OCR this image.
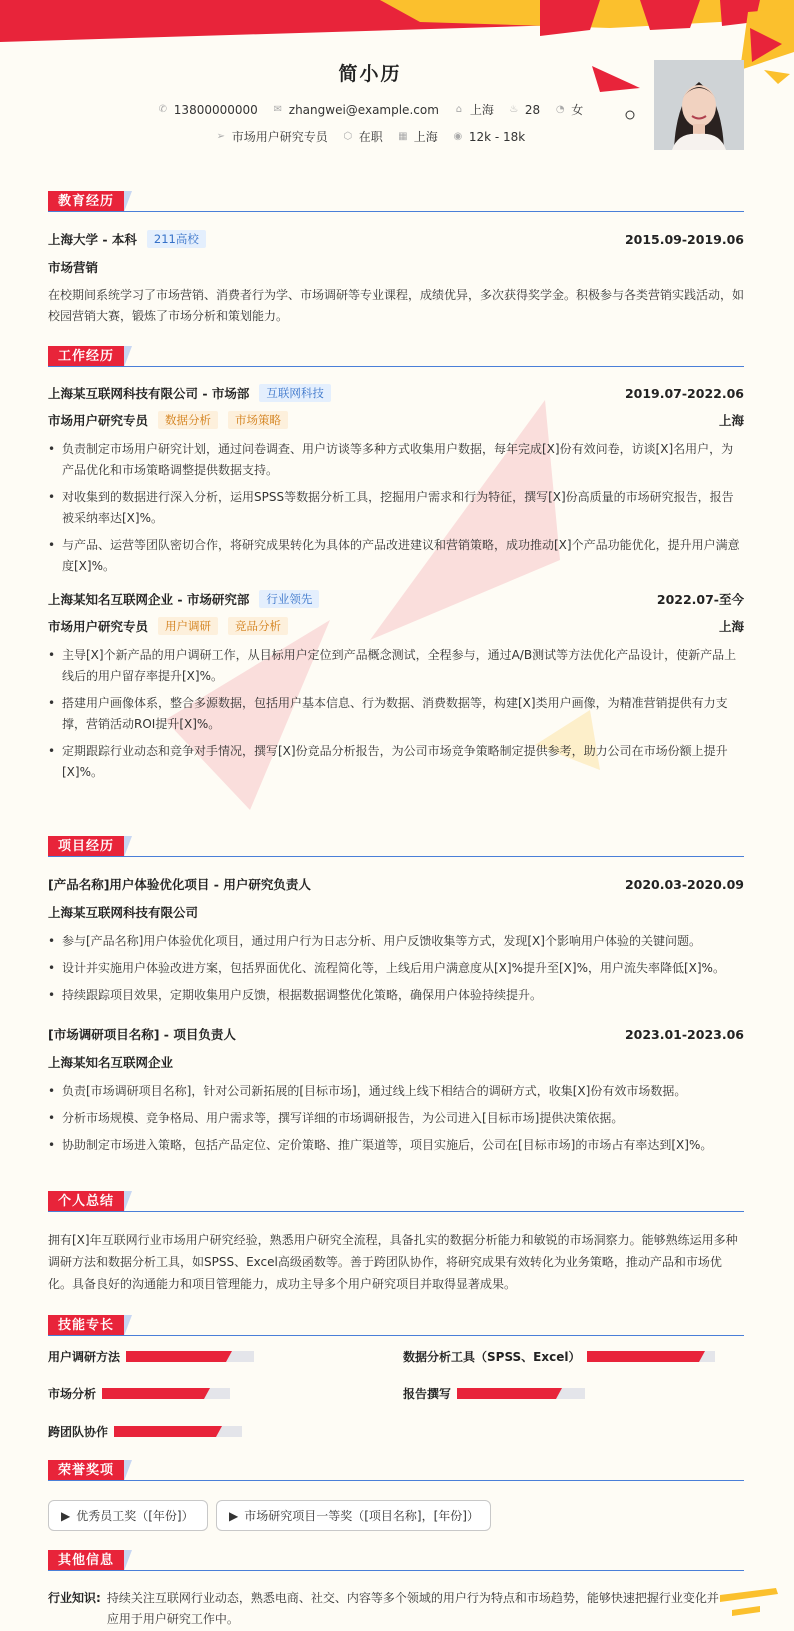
简小历
✆ 13800000000 ✉ zhangwei@example.com ⌂ 上海 ♨ 28 ◔ 女
➢ 市场用户研究专员 ⬡ 在职 ▦ 上海 ◉ 12k - 18k
教育经历
上海大学 - 本科	211高校	2015.09-2019.06
市场营销
在校期间系统学习了市场营销、消费者行为学、市场调研等专业课程，成绩优异，多次获得奖学金。积极参与各类营销实践活动，如校园营销大赛，锻炼了市场分析和策划能力。
工作经历
上海某互联网科技有限公司 - 市场部	互联网科技	2019.07-2022.06
市场用户研究专员	数据分析	市场策略	上海
• 负责制定市场用户研究计划，通过问卷调查、用户访谈等多种方式收集用户数据，每年完成[X]份有效问卷，访谈[X]名用户，为产品优化和市场策略调整提供数据支持。
• 对收集到的数据进行深入分析，运用SPSS等数据分析工具，挖掘用户需求和行为特征，撰写[X]份高质量的市场研究报告，报告被采纳率达[X]%。
• 与产品、运营等团队密切合作，将研究成果转化为具体的产品改进建议和营销策略，成功推动[X]个产品功能优化，提升用户满意度[X]%。
上海某知名互联网企业 - 市场研究部	行业领先	2022.07-至今
市场用户研究专员	用户调研	竞品分析	上海
• 主导[X]个新产品的用户调研工作，从目标用户定位到产品概念测试，全程参与，通过A/B测试等方法优化产品设计，使新产品上线后的用户留存率提升[X]%。
• 搭建用户画像体系，整合多源数据，包括用户基本信息、行为数据、消费数据等，构建[X]类用户画像，为精准营销提供有力支撑，营销活动ROI提升[X]%。
• 定期跟踪行业动态和竞争对手情况，撰写[X]份竞品分析报告，为公司市场竞争策略制定提供参考，助力公司在市场份额上提升[X]%。
项目经历
[产品名称]用户体验优化项目 - 用户研究负责人	2020.03-2020.09
上海某互联网科技有限公司
• 参与[产品名称]用户体验优化项目，通过用户行为日志分析、用户反馈收集等方式，发现[X]个影响用户体验的关键问题。
• 设计并实施用户体验改进方案，包括界面优化、流程简化等，上线后用户满意度从[X]%提升至[X]%，用户流失率降低[X]%。
• 持续跟踪项目效果，定期收集用户反馈，根据数据调整优化策略，确保用户体验持续提升。
[市场调研项目名称] - 项目负责人	2023.01-2023.06
上海某知名互联网企业
• 负责[市场调研项目名称]，针对公司新拓展的[目标市场]，通过线上线下相结合的调研方式，收集[X]份有效市场数据。
• 分析市场规模、竞争格局、用户需求等，撰写详细的市场调研报告，为公司进入[目标市场]提供决策依据。
• 协助制定市场进入策略，包括产品定位、定价策略、推广渠道等，项目实施后，公司在[目标市场]的市场占有率达到[X]%。
个人总结
拥有[X]年互联网行业市场用户研究经验，熟悉用户研究全流程，具备扎实的数据分析能力和敏锐的市场洞察力。能够熟练运用多种调研方法和数据分析工具，如SPSS、Excel高级函数等。善于跨团队协作，将研究成果有效转化为业务策略，推动产品和市场优化。具备良好的沟通能力和项目管理能力，成功主导多个用户研究项目并取得显著成果。
技能专长
用户调研方法	数据分析工具（SPSS、Excel）
市场分析	报告撰写
跨团队协作
荣誉奖项
▶ 优秀员工奖（[年份]）	▶ 市场研究项目一等奖（[项目名称]，[年份]）
其他信息
行业知识: 持续关注互联网行业动态，熟悉电商、社交、内容等多个领域的用户行为特点和市场趋势，能够快速把握行业变化并应用于用户研究工作中。
